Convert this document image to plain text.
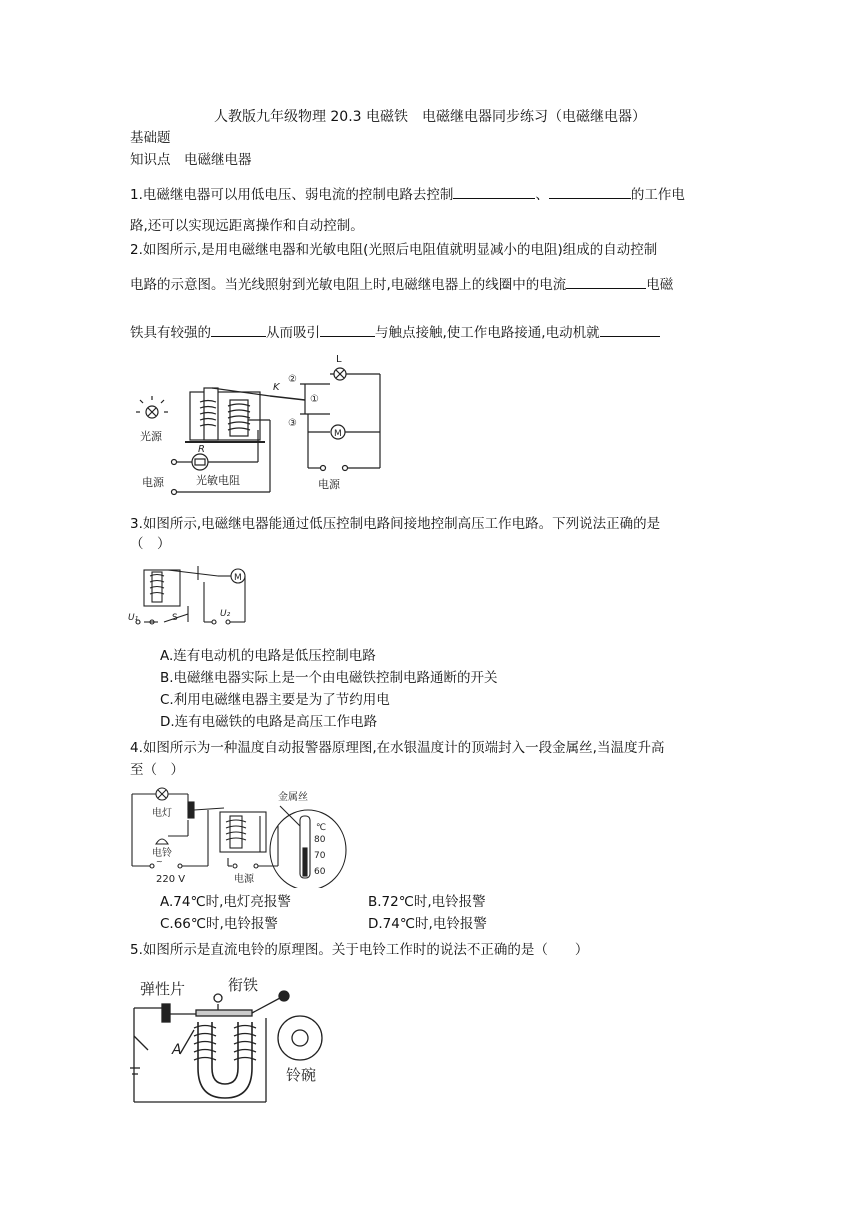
人教版九年级物理 20.3 电磁铁　电磁继电器同步练习（电磁继电器）
基础题
知识点　电磁继电器
1.电磁继电器可以用低电压、弱电流的控制电路去控制	、	的工作电
路,还可以实现远距离操作和自动控制。
2.如图所示,是用电磁继电器和光敏电阻(光照后电阻值就明显减小的电阻)组成的自动控制
电路的示意图。当光线照射到光敏电阻上时,电磁继电器上的线圈中的电流	电磁
铁具有较强的	从而吸引	与触点接触,使工作电路接通,电动机就
光源
K
R
光敏电阻
电源
②
①
③
L
M
电源
3.如图所示,电磁继电器能通过低压控制电路间接地控制高压工作电路。下列说法正确的是
（　）
M
U₁	S	U₂
A.连有电动机的电路是低压控制电路
B.电磁继电器实际上是一个由电磁铁控制电路通断的开关
C.利用电磁继电器主要是为了节约用电
D.连有电磁铁的电路是高压工作电路
4.如图所示为一种温度自动报警器原理图,在水银温度计的顶端封入一段金属丝,当温度升高
至（　）
电灯
电铃
~
220 V	电源
金属丝
℃
80
70
60
A.74℃时,电灯亮报警	B.72℃时,电铃报警
C.66℃时,电铃报警	D.74℃时,电铃报警
5.如图所示是直流电铃的原理图。关于电铃工作时的说法不正确的是（　　）
弹性片	衔铁
A
铃碗
